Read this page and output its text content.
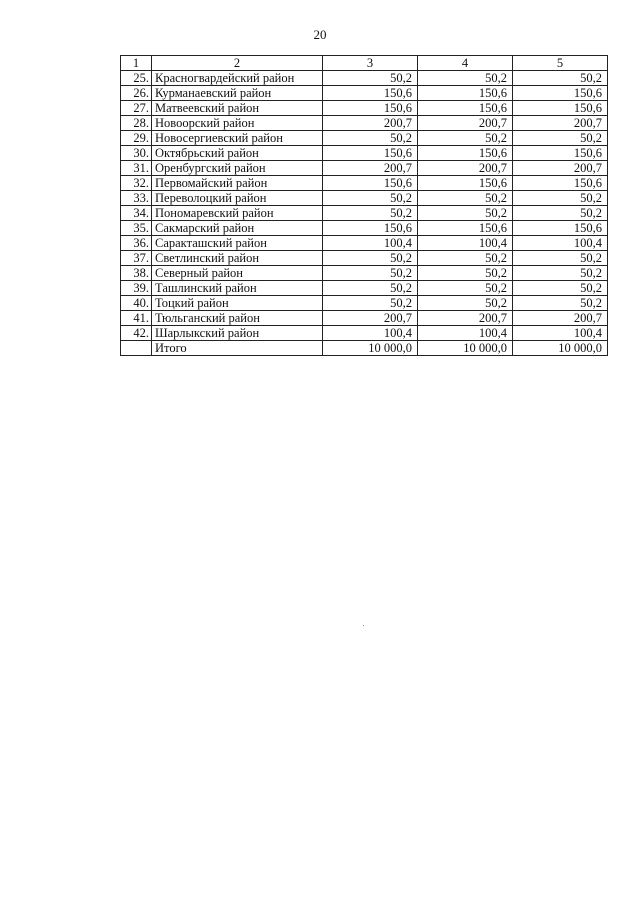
20
1	2	3	4	5
25.	Красногвардейский район	50,2	50,2	50,2
26.	Курманаевский район	150,6	150,6	150,6
27.	Матвеевский район	150,6	150,6	150,6
28.	Новоорский район	200,7	200,7	200,7
29.	Новосергиевский район	50,2	50,2	50,2
30.	Октябрьский район	150,6	150,6	150,6
31.	Оренбургский район	200,7	200,7	200,7
32.	Первомайский район	150,6	150,6	150,6
33.	Переволоцкий район	50,2	50,2	50,2
34.	Пономаревский район	50,2	50,2	50,2
35.	Сакмарский район	150,6	150,6	150,6
36.	Саракташский район	100,4	100,4	100,4
37.	Светлинский район	50,2	50,2	50,2
38.	Северный район	50,2	50,2	50,2
39.	Ташлинский район	50,2	50,2	50,2
40.	Тоцкий район	50,2	50,2	50,2
41.	Тюльганский район	200,7	200,7	200,7
42.	Шарлыкский район	100,4	100,4	100,4
	Итого	10 000,0	10 000,0	10 000,0
